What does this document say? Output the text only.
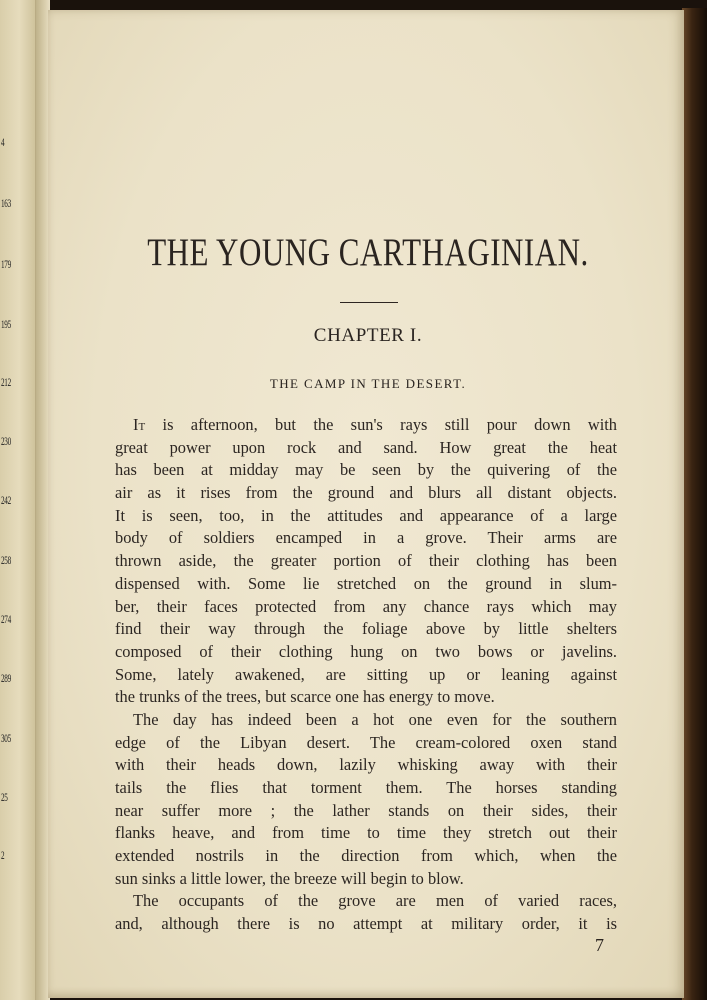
4
163
179
195
212
230
242
258
274
289
305
25
2
THE YOUNG CARTHAGINIAN.
CHAPTER I.
THE CAMP IN THE DESERT.
It is afternoon, but the sun's rays still pour down with
great power upon rock and sand. How great the heat
has been at midday may be seen by the quivering of the
air as it rises from the ground and blurs all distant objects.
It is seen, too, in the attitudes and appearance of a large
body of soldiers encamped in a grove. Their arms are
thrown aside, the greater portion of their clothing has been
dispensed with. Some lie stretched on the ground in slum-
ber, their faces protected from any chance rays which may
find their way through the foliage above by little shelters
composed of their clothing hung on two bows or javelins.
Some, lately awakened, are sitting up or leaning against
the trunks of the trees, but scarce one has energy to move.
The day has indeed been a hot one even for the southern
edge of the Libyan desert. The cream-colored oxen stand
with their heads down, lazily whisking away with their
tails the flies that torment them. The horses standing
near suffer more ; the lather stands on their sides, their
flanks heave, and from time to time they stretch out their
extended nostrils in the direction from which, when the
sun sinks a little lower, the breeze will begin to blow.
The occupants of the grove are men of varied races,
and, although there is no attempt at military order, it is
7
